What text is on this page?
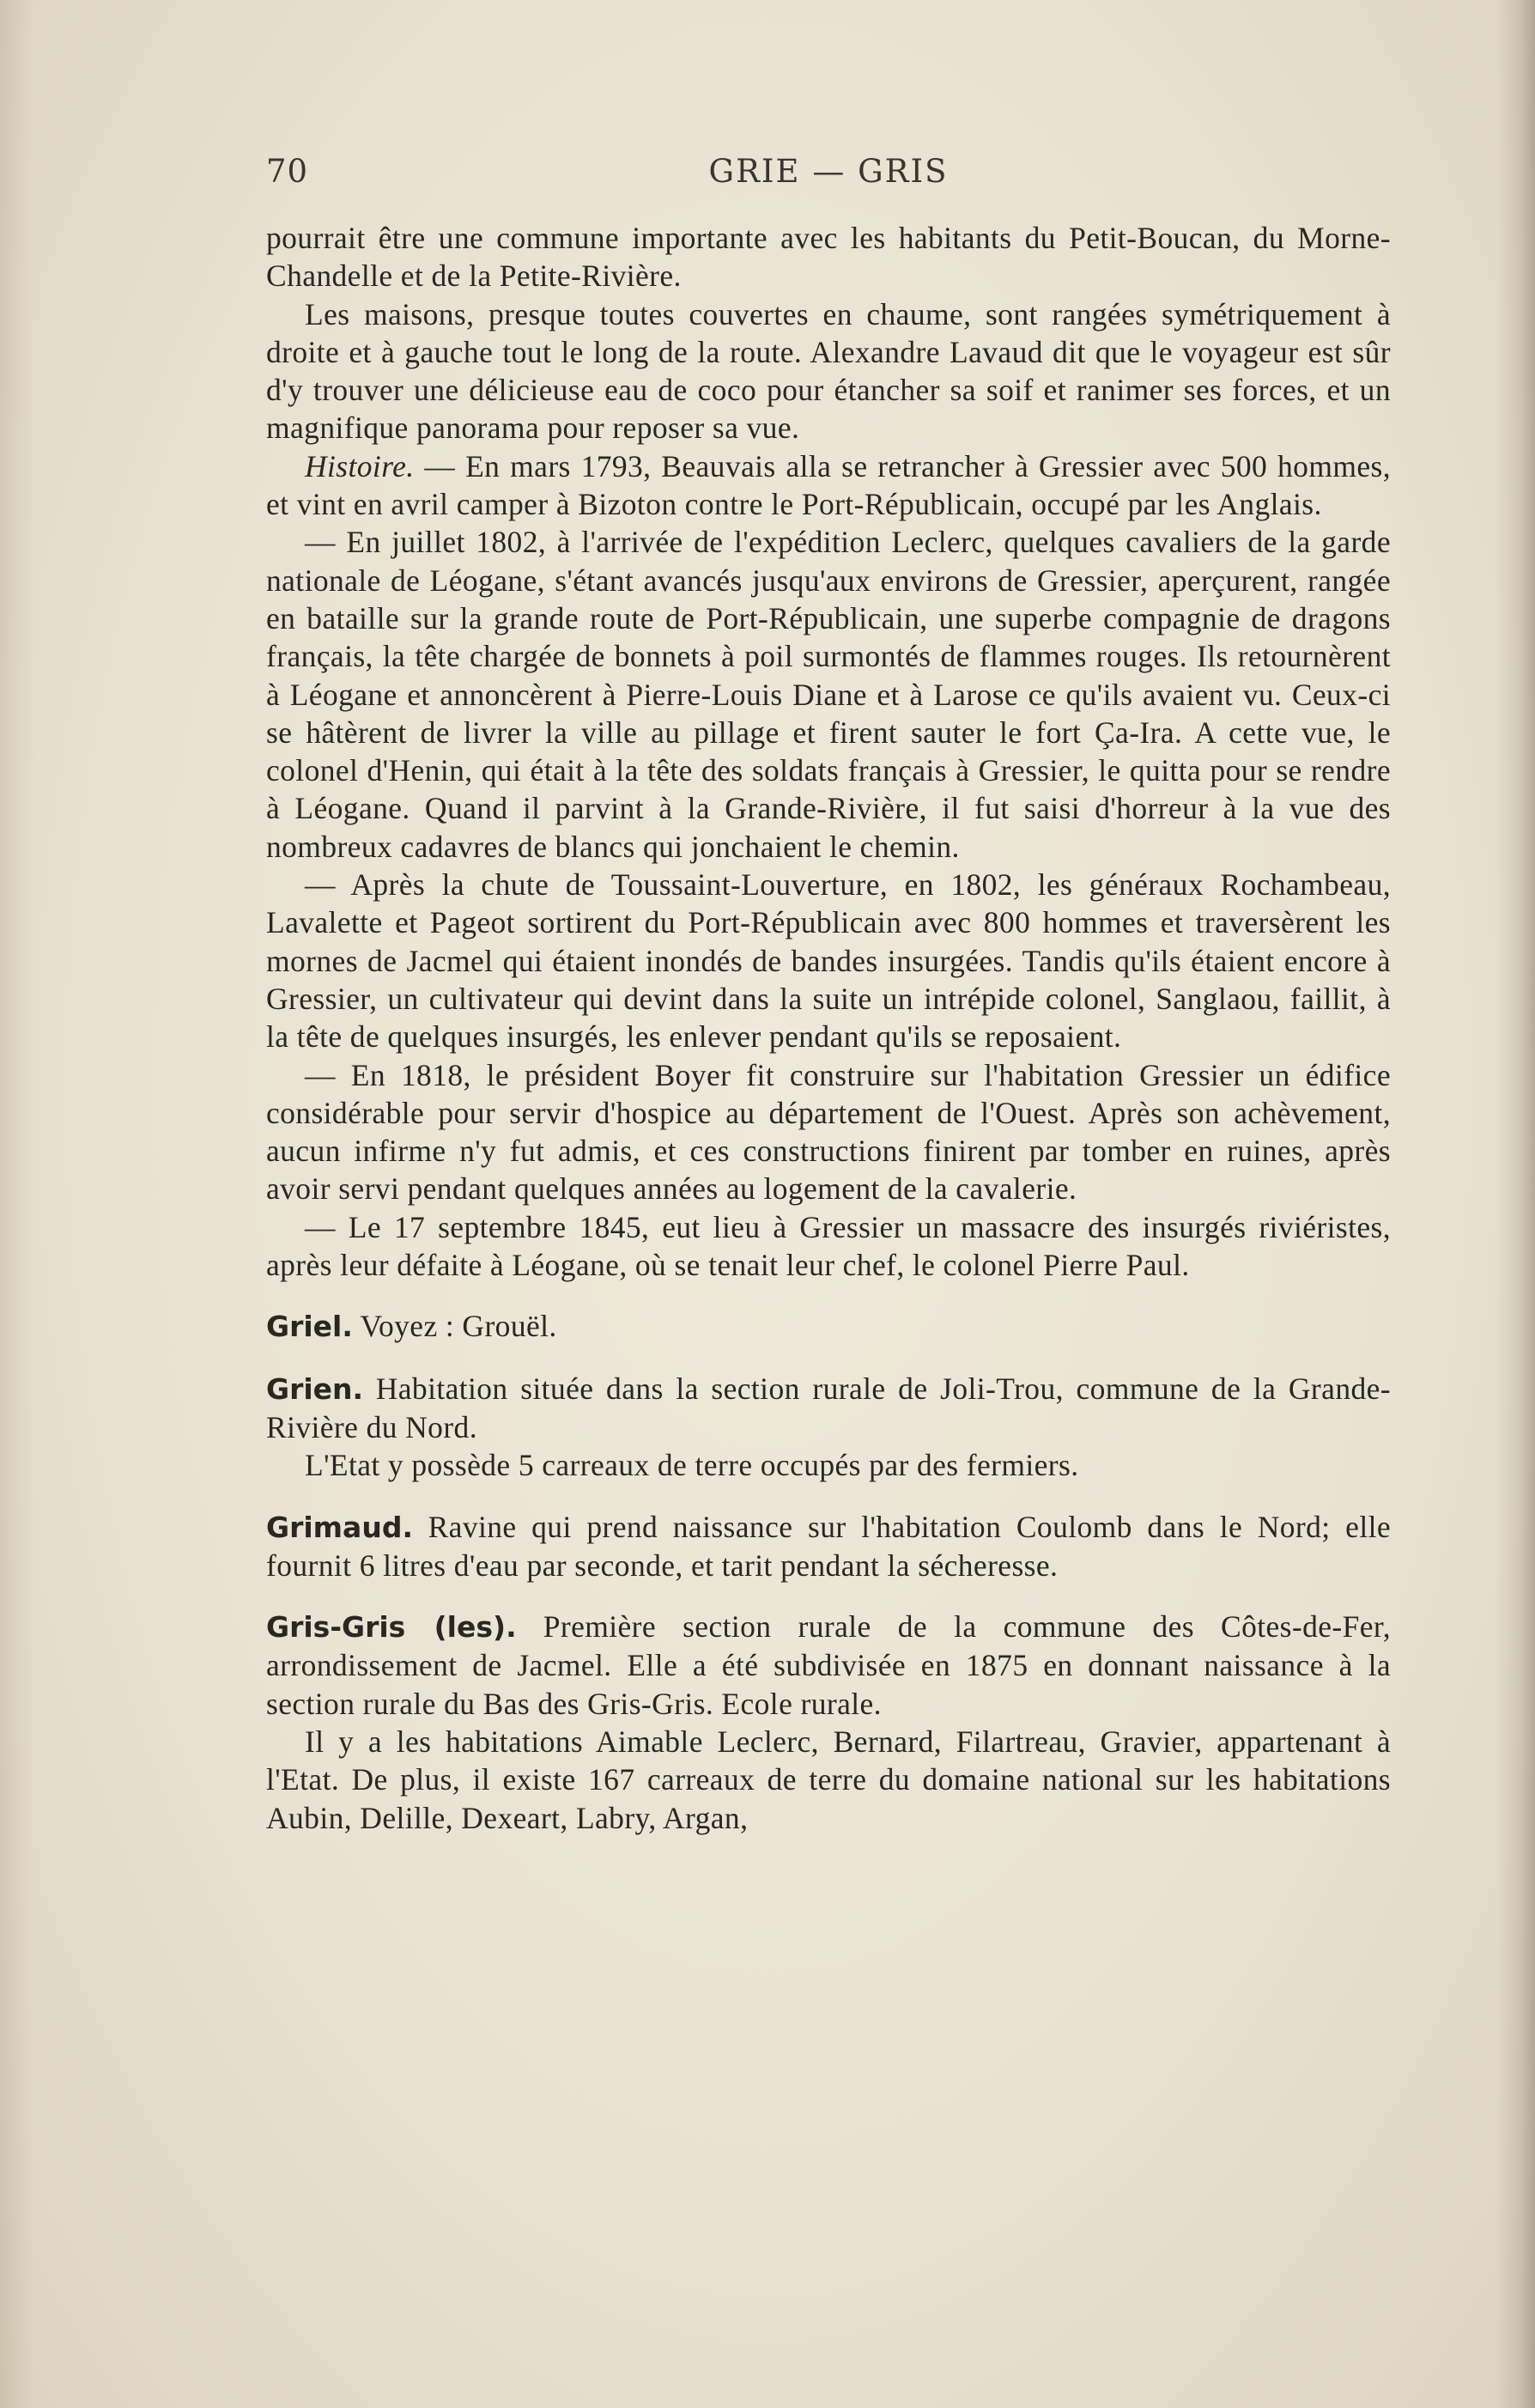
70	GRIE — GRIS

pourrait être une commune importante avec les habitants du Petit-Boucan, du Morne-Chandelle et de la Petite-Rivière.

Les maisons, presque toutes couvertes en chaume, sont rangées symétriquement à droite et à gauche tout le long de la route. Alexandre Lavaud dit que le voyageur est sûr d'y trouver une délicieuse eau de coco pour étancher sa soif et ranimer ses forces, et un magnifique panorama pour reposer sa vue.

Histoire. — En mars 1793, Beauvais alla se retrancher à Gressier avec 500 hommes, et vint en avril camper à Bizoton contre le Port-Républicain, occupé par les Anglais.

— En juillet 1802, à l'arrivée de l'expédition Leclerc, quelques cavaliers de la garde nationale de Léogane, s'étant avancés jusqu'aux environs de Gressier, aperçurent, rangée en bataille sur la grande route de Port-Républicain, une superbe compagnie de dragons français, la tête chargée de bonnets à poil surmontés de flammes rouges. Ils retournèrent à Léogane et annoncèrent à Pierre-Louis Diane et à Larose ce qu'ils avaient vu. Ceux-ci se hâtèrent de livrer la ville au pillage et firent sauter le fort Ça-Ira. A cette vue, le colonel d'Henin, qui était à la tête des soldats français à Gressier, le quitta pour se rendre à Léogane. Quand il parvint à la Grande-Rivière, il fut saisi d'horreur à la vue des nombreux cadavres de blancs qui jonchaient le chemin.

— Après la chute de Toussaint-Louverture, en 1802, les généraux Rochambeau, Lavalette et Pageot sortirent du Port-Républicain avec 800 hommes et traversèrent les mornes de Jacmel qui étaient inondés de bandes insurgées. Tandis qu'ils étaient encore à Gressier, un cultivateur qui devint dans la suite un intrépide colonel, Sanglaou, faillit, à la tête de quelques insurgés, les enlever pendant qu'ils se reposaient.

— En 1818, le président Boyer fit construire sur l'habitation Gressier un édifice considérable pour servir d'hospice au département de l'Ouest. Après son achèvement, aucun infirme n'y fut admis, et ces constructions finirent par tomber en ruines, après avoir servi pendant quelques années au logement de la cavalerie.

— Le 17 septembre 1845, eut lieu à Gressier un massacre des insurgés riviéristes, après leur défaite à Léogane, où se tenait leur chef, le colonel Pierre Paul.

Griel. Voyez : Grouël.

Grien. Habitation située dans la section rurale de Joli-Trou, commune de la Grande-Rivière du Nord.

L'Etat y possède 5 carreaux de terre occupés par des fermiers.

Grimaud. Ravine qui prend naissance sur l'habitation Coulomb dans le Nord; elle fournit 6 litres d'eau par seconde, et tarit pendant la sécheresse.

Gris-Gris (les). Première section rurale de la commune des Côtes-de-Fer, arrondissement de Jacmel. Elle a été subdivisée en 1875 en donnant naissance à la section rurale du Bas des Gris-Gris. Ecole rurale.

Il y a les habitations Aimable Leclerc, Bernard, Filartreau, Gravier, appartenant à l'Etat. De plus, il existe 167 carreaux de terre du domaine national sur les habitations Aubin, Delille, Dexeart, Labry, Argan,
